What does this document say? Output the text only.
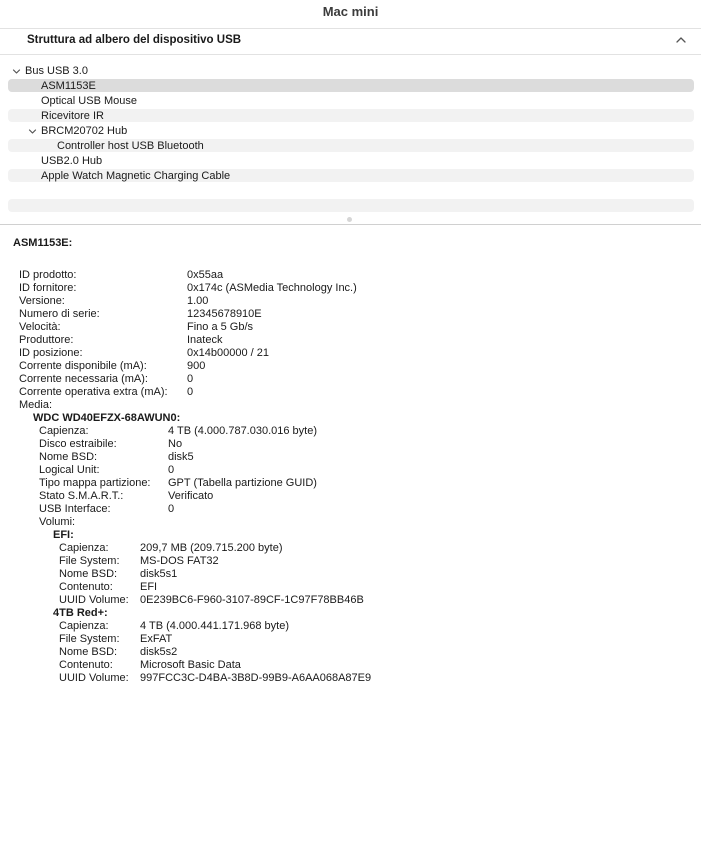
Mac mini
Struttura ad albero del dispositivo USB
Bus USB 3.0
ASM1153E
Optical USB Mouse
Ricevitore IR
BRCM20702 Hub
Controller host USB Bluetooth
USB2.0 Hub
Apple Watch Magnetic Charging Cable
ASM1153E:
ID prodotto:	0x55aa
ID fornitore:	0x174c (ASMedia Technology Inc.)
Versione:	1.00
Numero di serie:	12345678910E
Velocità:	Fino a 5 Gb/s
Produttore:	Inateck
ID posizione:	0x14b00000 / 21
Corrente disponibile (mA):	900
Corrente necessaria (mA):	0
Corrente operativa extra (mA): 0
Media:
WDC WD40EFZX-68AWUN0:
Capienza:	4 TB (4.000.787.030.016 byte)
Disco estraibile:	No
Nome BSD:	disk5
Logical Unit:	0
Tipo mappa partizione: GPT (Tabella partizione GUID)
Stato S.M.A.R.T.:	Verificato
USB Interface:	0
Volumi:
EFI:
Capienza:	209,7 MB (209.715.200 byte)
File System: MS-DOS FAT32
Nome BSD: disk5s1
Contenuto: EFI
UUID Volume: 0E239BC6-F960-3107-89CF-1C97F78BB46B
4TB Red+:
Capienza:	4 TB (4.000.441.171.968 byte)
File System: ExFAT
Nome BSD: disk5s2
Contenuto: Microsoft Basic Data
UUID Volume: 997FCC3C-D4BA-3B8D-99B9-A6AA068A87E9
